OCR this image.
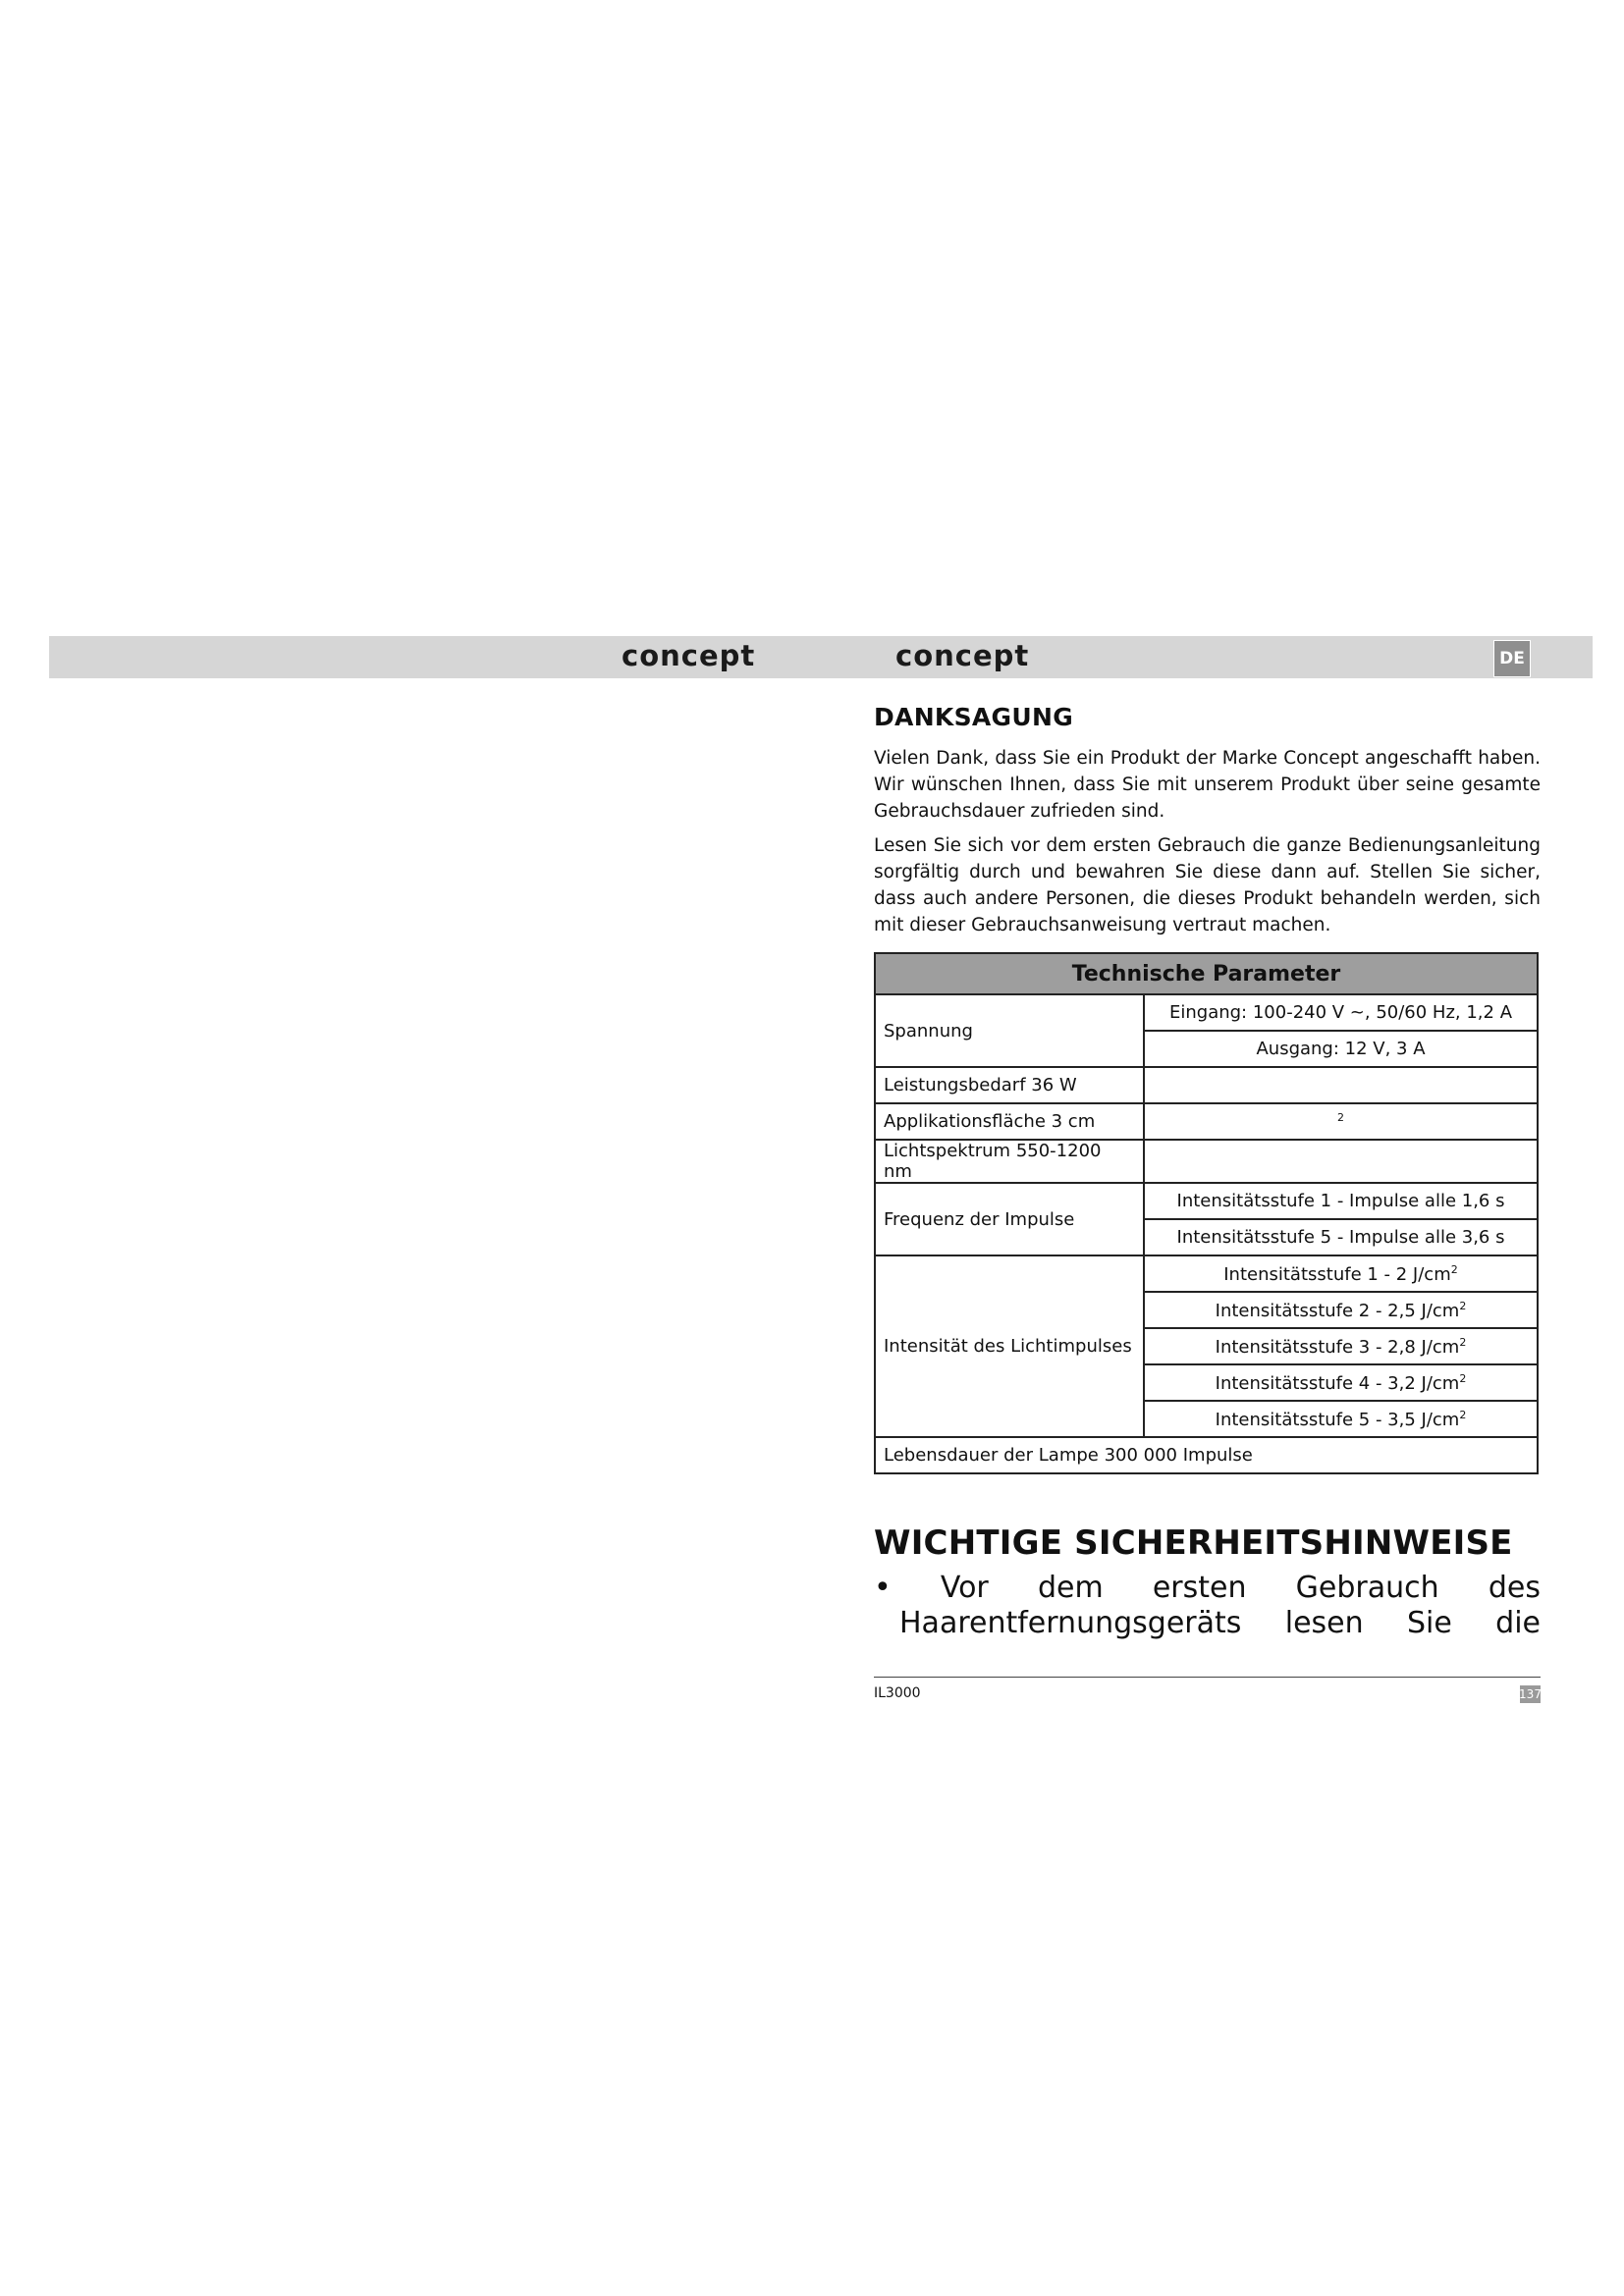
concept	concept	DE
DANKSAGUNG

Vielen Dank, dass Sie ein Produkt der Marke Concept angeschafft haben. Wir wünschen Ihnen, dass Sie mit unserem Produkt über seine gesamte Gebrauchsdauer zufrieden sind.

Lesen Sie sich vor dem ersten Gebrauch die ganze Bedienungsanleitung sorgfältig durch und bewahren Sie diese dann auf. Stellen Sie sicher, dass auch andere Personen, die dieses Produkt behandeln werden, sich mit dieser Gebrauchsanweisung vertraut machen.

Technische Parameter	
Spannung	Eingang: 100-240 V ~, 50/60 Hz, 1,2 A
	Ausgang: 12 V, 3 A
Leistungsbedarf 36 W	
Applikationsfläche 3 cm	$^2$
Lichtspektrum 550-1200 nm	
Frequenz der Impulse	Intensitätsstufe 1 - Impulse alle 1,6 s
	Intensitätsstufe 5 - Impulse alle 3,6 s
Intensität des Lichtimpulses	Intensitätsstufe 1 - 2 $J/cm^2$
	Intensitätsstufe 2 - 2,5 $J/cm^2$
	Intensitätsstufe 3 - 2,8 $J/cm^2$
	Intensitätsstufe 4 - 3,2 $J/cm^2$
	Intensitätsstufe 5 - 3,5 $J/cm^2$
Lebensdauer der Lampe 300 000 Impulse	
WICHTIGE SICHERHEITSHINWEISE
• Vor dem ersten Gebrauch des Haarentfernungsgeräts lesen Sie die
IL3000	137
